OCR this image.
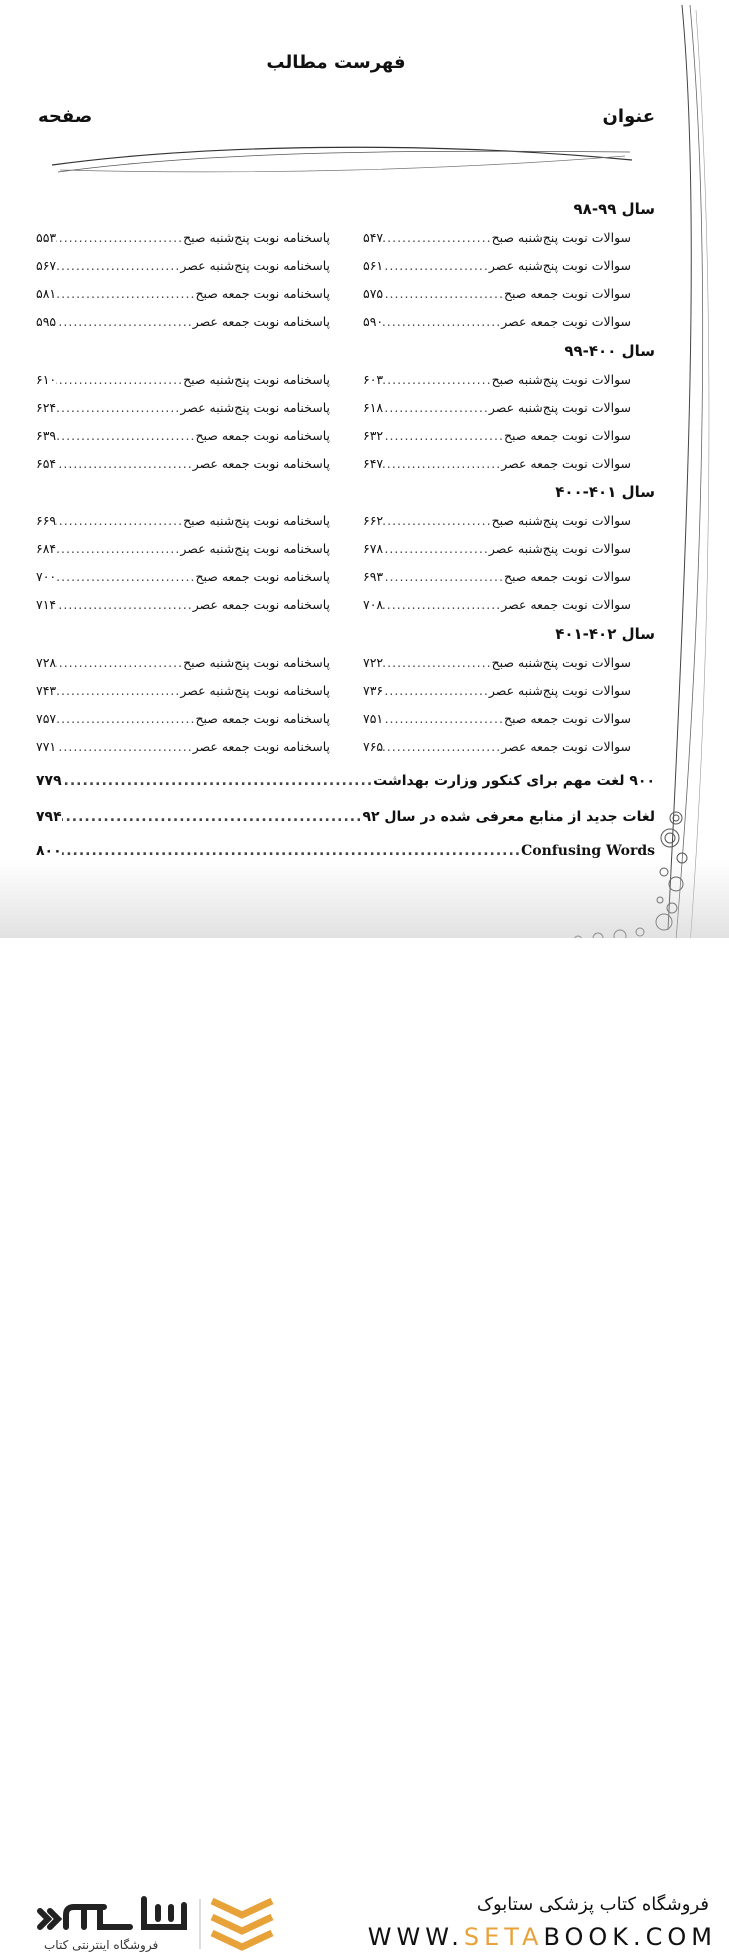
فهرست مطالب
عنوان
صفحه
سال ۹۹-۹۸
سوالات نوبت پنج‌شنبه صبح
.....
۵۴۷
سوالات نوبت پنج‌شنبه عصر
.....
۵۶۱
سوالات نوبت جمعه صبح
.....
۵۷۵
سوالات نوبت جمعه عصر
.....
۵۹۰
پاسخنامه نوبت پنج‌شنبه صبح
.....
۵۵۳
پاسخنامه نوبت پنج‌شنبه عصر
.....
۵۶۷
پاسخنامه نوبت جمعه صبح
.....
۵۸۱
پاسخنامه نوبت جمعه عصر
.....
۵۹۵
سال ۴۰۰-۹۹
سوالات نوبت پنج‌شنبه صبح
.....
۶۰۳
سوالات نوبت پنج‌شنبه عصر
.....
۶۱۸
سوالات نوبت جمعه صبح
.....
۶۳۲
سوالات نوبت جمعه عصر
.....
۶۴۷
پاسخنامه نوبت پنج‌شنبه صبح
.....
۶۱۰
پاسخنامه نوبت پنج‌شنبه عصر
.....
۶۲۴
پاسخنامه نوبت جمعه صبح
.....
۶۳۹
پاسخنامه نوبت جمعه عصر
.....
۶۵۴
سال ۴۰۱-۴۰۰
سوالات نوبت پنج‌شنبه صبح
.....
۶۶۲
سوالات نوبت پنج‌شنبه عصر
.....
۶۷۸
سوالات نوبت جمعه صبح
.....
۶۹۳
سوالات نوبت جمعه عصر
.....
۷۰۸
پاسخنامه نوبت پنج‌شنبه صبح
.....
۶۶۹
پاسخنامه نوبت پنج‌شنبه عصر
.....
۶۸۴
پاسخنامه نوبت جمعه صبح
.....
۷۰۰
پاسخنامه نوبت جمعه عصر
.....
۷۱۴
سال ۴۰۲-۴۰۱
سوالات نوبت پنج‌شنبه صبح
.....
۷۲۲
سوالات نوبت پنج‌شنبه عصر
.....
۷۳۶
سوالات نوبت جمعه صبح
.....
۷۵۱
سوالات نوبت جمعه عصر
.....
۷۶۵
پاسخنامه نوبت پنج‌شنبه صبح
.....
۷۲۸
پاسخنامه نوبت پنج‌شنبه عصر
.....
۷۴۳
پاسخنامه نوبت جمعه صبح
.....
۷۵۷
پاسخنامه نوبت جمعه عصر
.....
۷۷۱
۹۰۰ لغت مهم برای کنکور وزارت بهداشت
.....
۷۷۹
لغات جدید از منابع معرفی شده در سال ۹۲
.....
۷۹۴
Confusing Words
.....
۸۰۰
فروشگاه اینترنتی کتاب
فروشگاه کتاب پزشکی ستابوک
WWW.SETABOOK.COM
